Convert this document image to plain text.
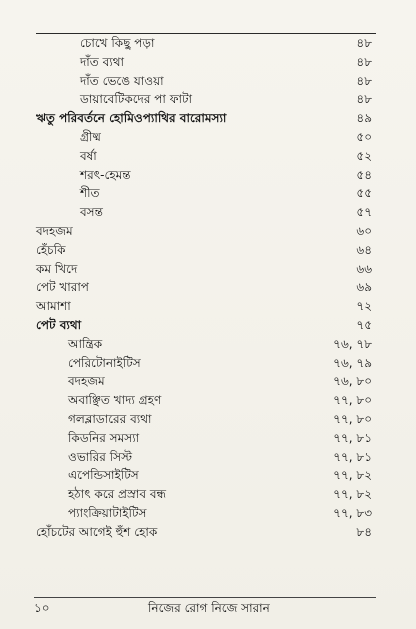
চোখে কিছু পড়া	৪৮
দাঁত ব্যথা	৪৮
দাঁত ভেঙে যাওয়া	৪৮
ডায়াবেটিকদের পা ফাটা	৪৮
ঋতু পরিবর্তনে হোমিওপ্যাথির বারোমস্যা	৪৯
গ্রীষ্ম	৫০
বর্ষা	৫২
শরৎ-হেমন্ত	৫৪
শীত	৫৫
বসন্ত	৫৭
বদহজম	৬০
হেঁচকি	৬৪
কম খিদে	৬৬
পেট খারাপ	৬৯
আমাশা	৭২
পেট ব্যথা	৭৫
আন্ত্রিক	৭৬, ৭৮
পেরিটোনাইটিস	৭৬, ৭৯
বদহজম	৭৬, ৮০
অবাঞ্ছিত খাদ্য গ্রহণ	৭৭, ৮০
গলব্লাডারের ব্যথা	৭৭, ৮০
কিডনির সমস্যা	৭৭, ৮১
ওভারির সিস্ট	৭৭, ৮১
এপেন্ডিসাইটিস	৭৭, ৮২
হঠাৎ করে প্রস্রাব বন্ধ	৭৭, ৮২
প্যাংক্রিয়াটাইটিস	৭৭, ৮৩
হোঁচটের আগেই হুঁশ হোক	৮৪
১০	নিজের রোগ নিজে সারান
